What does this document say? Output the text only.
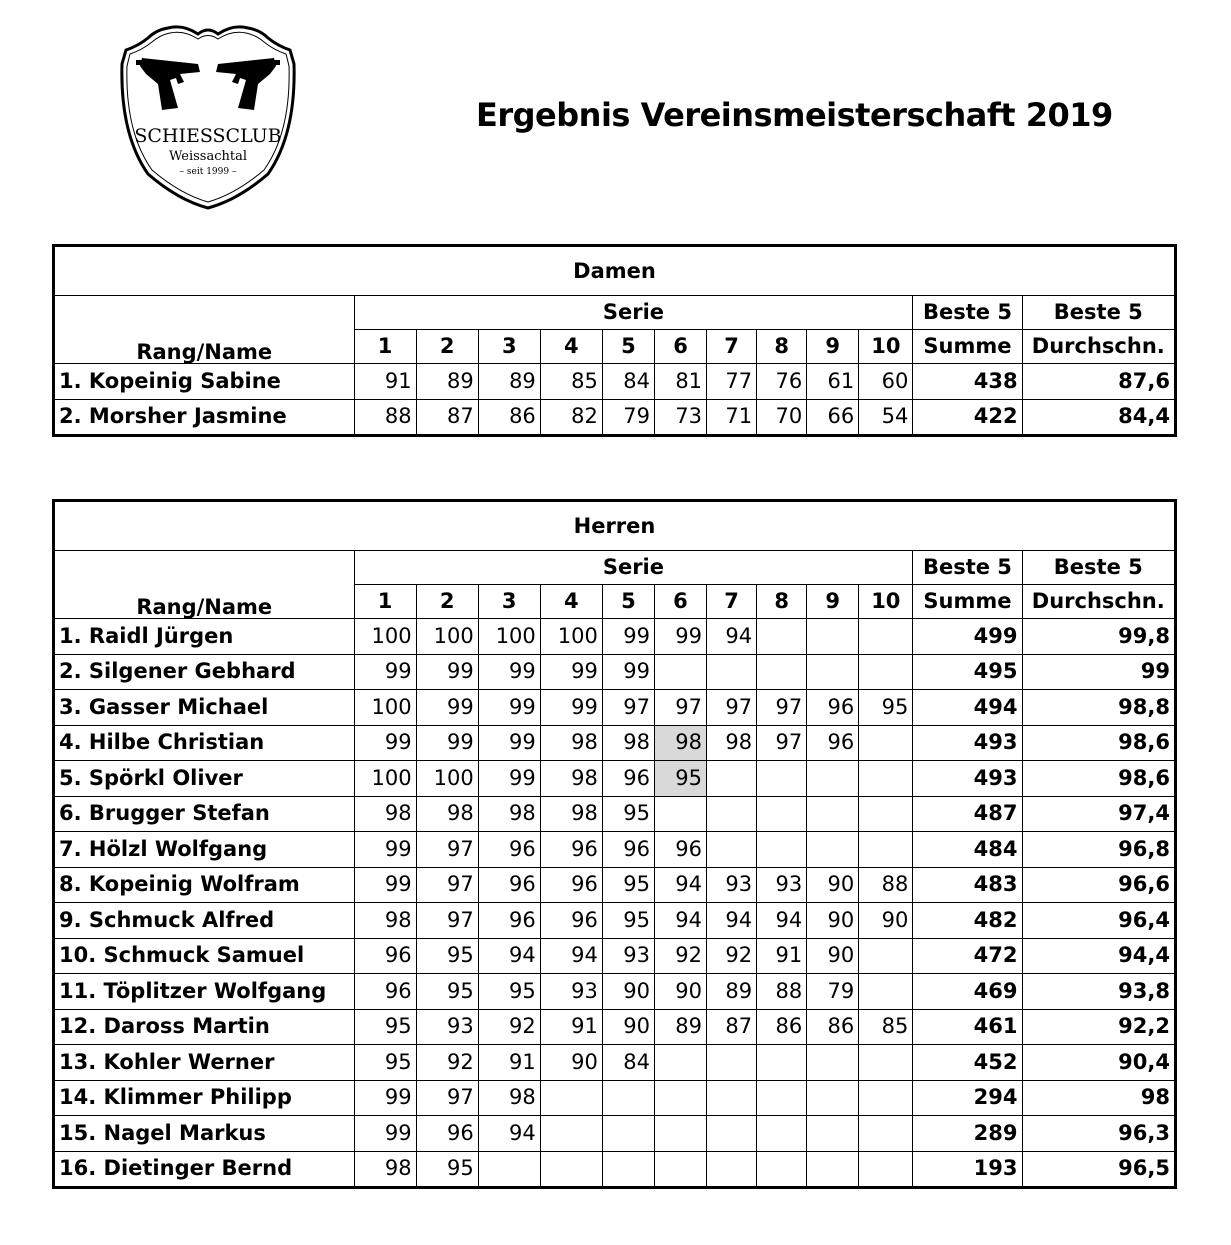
SCHIESSCLUB
Weissachtal
– seit 1999 –
Ergebnis Vereinsmeisterschaft 2019
Damen												
Rang/Name	Serie										Beste 5	Beste 5
	1	2	3	4	5	6	7	8	9	10	Summe	Durchschn.
1. Kopeinig Sabine	91	89	89	85	84	81	77	76	61	60	438	87,6
2. Morsher Jasmine	88	87	86	82	79	73	71	70	66	54	422	84,4
Herren												
Rang/Name	Serie										Beste 5	Beste 5
	1	2	3	4	5	6	7	8	9	10	Summe	Durchschn.
1. Raidl Jürgen	100	100	100	100	99	99	94				499	99,8
2. Silgener Gebhard	99	99	99	99	99						495	99
3. Gasser Michael	100	99	99	99	97	97	97	97	96	95	494	98,8
4. Hilbe Christian	99	99	99	98	98	98	98	97	96		493	98,6
5. Spörkl Oliver	100	100	99	98	96	95					493	98,6
6. Brugger Stefan	98	98	98	98	95						487	97,4
7. Hölzl Wolfgang	99	97	96	96	96	96					484	96,8
8. Kopeinig Wolfram	99	97	96	96	95	94	93	93	90	88	483	96,6
9. Schmuck Alfred	98	97	96	96	95	94	94	94	90	90	482	96,4
10. Schmuck Samuel	96	95	94	94	93	92	92	91	90		472	94,4
11. Töplitzer Wolfgang	96	95	95	93	90	90	89	88	79		469	93,8
12. Daross Martin	95	93	92	91	90	89	87	86	86	85	461	92,2
13. Kohler Werner	95	92	91	90	84						452	90,4
14. Klimmer Philipp	99	97	98								294	98
15. Nagel Markus	99	96	94								289	96,3
16. Dietinger Bernd	98	95									193	96,5
